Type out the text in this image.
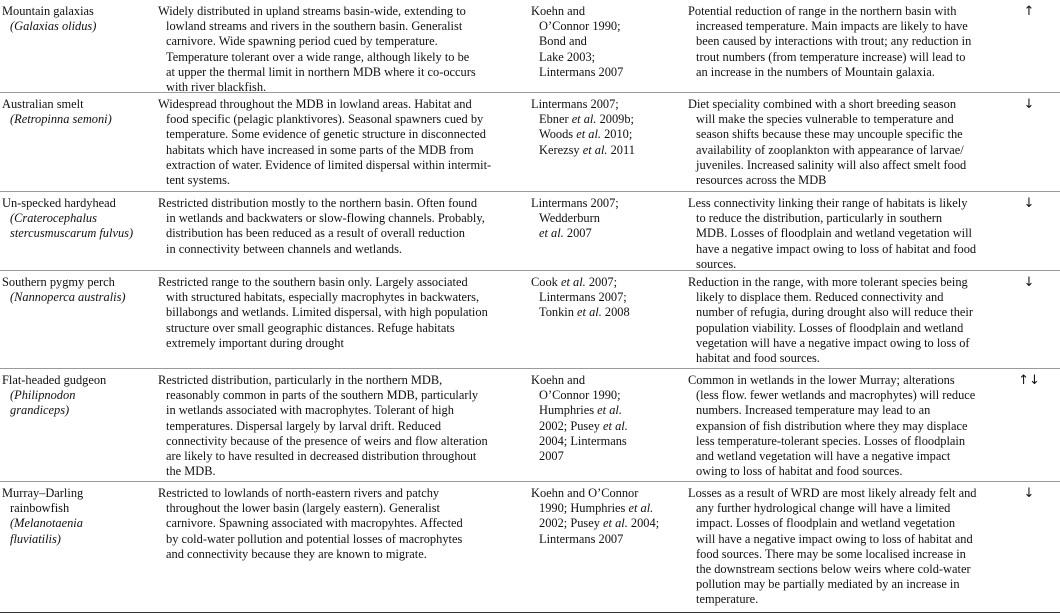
Mountain galaxias
(Galaxias olidus)
Widely distributed in upland streams basin-wide, extending to
lowland streams and rivers in the southern basin. Generalist
carnivore. Wide spawning period cued by temperature.
Temperature tolerant over a wide range, although likely to be
at upper the thermal limit in northern MDB where it co-occurs
with river blackfish.
Koehn and
O’Connor 1990;
Bond and
Lake 2003;
Lintermans 2007
Potential reduction of range in the northern basin with
increased temperature. Main impacts are likely to have
been caused by interactions with trout; any reduction in
trout numbers (from temperature increase) will lead to
an increase in the numbers of Mountain galaxia.
↑
Australian smelt
(Retropinna semoni)
Widespread throughout the MDB in lowland areas. Habitat and
food specific (pelagic planktivores). Seasonal spawners cued by
temperature. Some evidence of genetic structure in disconnected
habitats which have increased in some parts of the MDB from
extraction of water. Evidence of limited dispersal within intermit-
tent systems.
Lintermans 2007;
Ebner et al. 2009b;
Woods et al. 2010;
Kerezsy et al. 2011
Diet speciality combined with a short breeding season
will make the species vulnerable to temperature and
season shifts because these may uncouple specific the
availability of zooplankton with appearance of larvae/
juveniles. Increased salinity will also affect smelt food
resources across the MDB
↓
Un-specked hardyhead
(Craterocephalus
stercusmuscarum fulvus)
Restricted distribution mostly to the northern basin. Often found
in wetlands and backwaters or slow-flowing channels. Probably,
distribution has been reduced as a result of overall reduction
in connectivity between channels and wetlands.
Lintermans 2007;
Wedderburn
et al. 2007
Less connectivity linking their range of habitats is likely
to reduce the distribution, particularly in southern
MDB. Losses of floodplain and wetland vegetation will
have a negative impact owing to loss of habitat and food
sources.
↓
Southern pygmy perch
(Nannoperca australis)
Restricted range to the southern basin only. Largely associated
with structured habitats, especially macrophytes in backwaters,
billabongs and wetlands. Limited dispersal, with high population
structure over small geographic distances. Refuge habitats
extremely important during drought
Cook et al. 2007;
Lintermans 2007;
Tonkin et al. 2008
Reduction in the range, with more tolerant species being
likely to displace them. Reduced connectivity and
number of refugia, during drought also will reduce their
population viability. Losses of floodplain and wetland
vegetation will have a negative impact owing to loss of
habitat and food sources.
↓
Flat-headed gudgeon
(Philipnodon
grandiceps)
Restricted distribution, particularly in the northern MDB,
reasonably common in parts of the southern MDB, particularly
in wetlands associated with macrophytes. Tolerant of high
temperatures. Dispersal largely by larval drift. Reduced
connectivity because of the presence of weirs and flow alteration
are likely to have resulted in decreased distribution throughout
the MDB.
Koehn and
O’Connor 1990;
Humphries et al.
2002; Pusey et al.
2004; Lintermans
2007
Common in wetlands in the lower Murray; alterations
(less flow. fewer wetlands and macrophytes) will reduce
numbers. Increased temperature may lead to an
expansion of fish distribution where they may displace
less temperature-tolerant species. Losses of floodplain
and wetland vegetation will have a negative impact
owing to loss of habitat and food sources.
↑↓
Murray–Darling
rainbowfish
(Melanotaenia
fluviatilis)
Restricted to lowlands of north-eastern rivers and patchy
throughout the lower basin (largely eastern). Generalist
carnivore. Spawning associated with macropyhtes. Affected
by cold-water pollution and potential losses of macrophytes
and connectivity because they are known to migrate.
Koehn and O’Connor
1990; Humphries et al.
2002; Pusey et al. 2004;
Lintermans 2007
Losses as a result of WRD are most likely already felt and
any further hydrological change will have a limited
impact. Losses of floodplain and wetland vegetation
will have a negative impact owing to loss of habitat and
food sources. There may be some localised increase in
the downstream sections below weirs where cold-water
pollution may be partially mediated by an increase in
temperature.
↓
